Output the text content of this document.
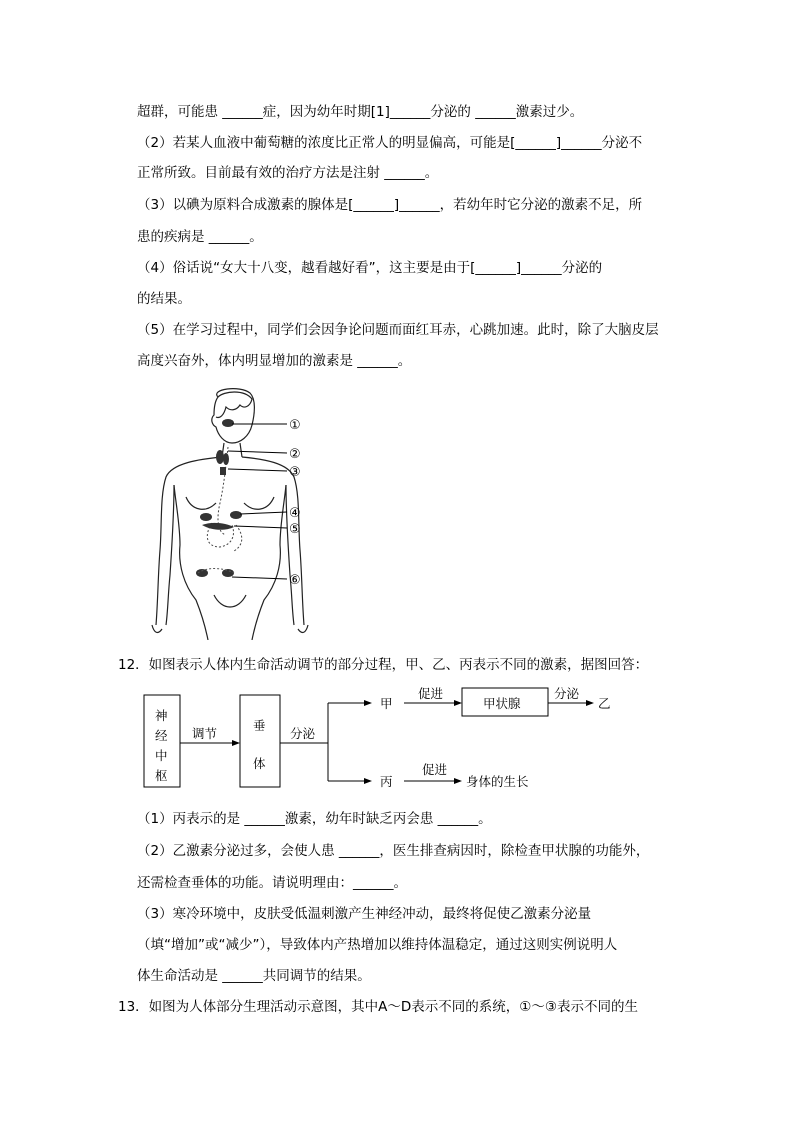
超群，可能患 ______症，因为幼年时期[1]______分泌的 ______激素过少。
（2）若某人血液中葡萄糖的浓度比正常人的明显偏高，可能是[______]______分泌不
正常所致。目前最有效的治疗方法是注射 ______。
（3）以碘为原料合成激素的腺体是[______]______，若幼年时它分泌的激素不足，所
患的疾病是 ______。
（4）俗话说“女大十八变，越看越好看”，这主要是由于[______]______分泌的
的结果。
（5）在学习过程中，同学们会因争论问题而面红耳赤，心跳加速。此时，除了大脑皮层
高度兴奋外，体内明显增加的激素是 ______。
①
②
③
④
⑤
⑥
12．如图表示人体内生命活动调节的部分过程，甲、乙、丙表示不同的激素，据图回答：
神
经
中
枢
调节
垂
体
分泌
甲
促进
甲状腺
分泌
乙
丙
促进
身体的生长
（1）丙表示的是 ______激素，幼年时缺乏丙会患 ______。
（2）乙激素分泌过多，会使人患 ______，医生排查病因时，除检查甲状腺的功能外，
还需检查垂体的功能。请说明理由：______。
（3）寒冷环境中，皮肤受低温刺激产生神经冲动，最终将促使乙激素分泌量
（填“增加”或“减少”），导致体内产热增加以维持体温稳定，通过这则实例说明人
体生命活动是 ______共同调节的结果。
13．如图为人体部分生理活动示意图，其中A～D表示不同的系统，①～③表示不同的生
